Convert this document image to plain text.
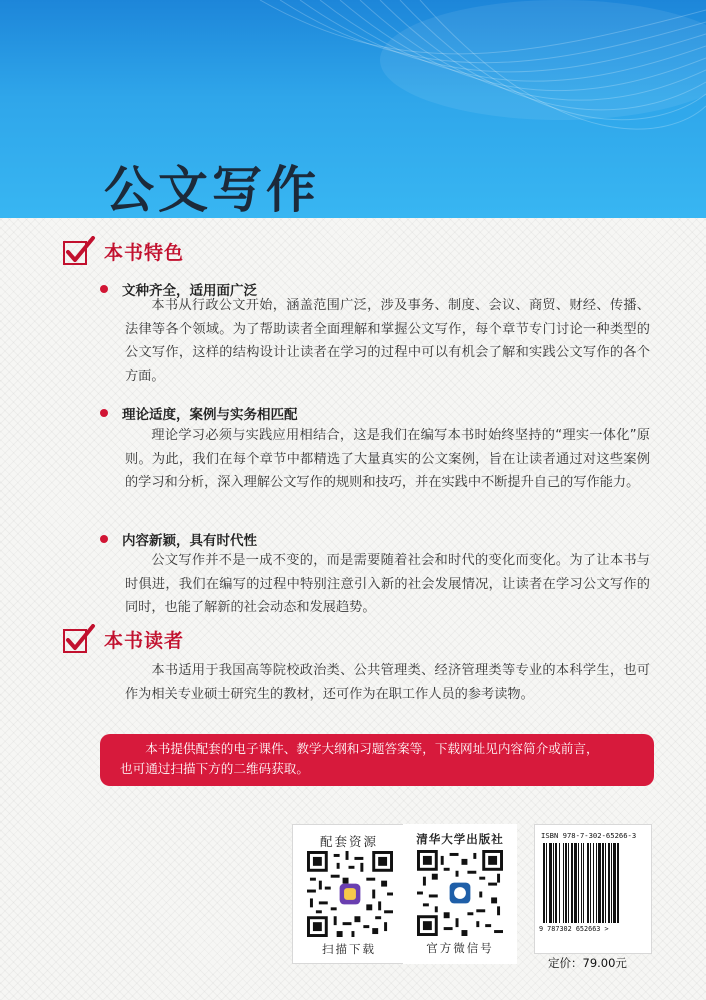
公文写作
本书特色
文种齐全，适用面广泛

本书从行政公文开始，涵盖范围广泛，涉及事务、制度、会议、商贸、财经、传播、法律等各个领域。为了帮助读者全面理解和掌握公文写作，每个章节专门讨论一种类型的公文写作，这样的结构设计让读者在学习的过程中可以有机会了解和实践公文写作的各个方面。

理论适度，案例与实务相匹配

理论学习必须与实践应用相结合，这是我们在编写本书时始终坚持的“理实一体化”原则。为此，我们在每个章节中都精选了大量真实的公文案例，旨在让读者通过对这些案例的学习和分析，深入理解公文写作的规则和技巧，并在实践中不断提升自己的写作能力。

内容新颖，具有时代性

公文写作并不是一成不变的，而是需要随着社会和时代的变化而变化。为了让本书与时俱进，我们在编写的过程中特别注意引入新的社会发展情况，让读者在学习公文写作的同时，也能了解新的社会动态和发展趋势。

本书读者

本书适用于我国高等院校政治类、公共管理类、经济管理类等专业的本科学生，也可作为相关专业硕士研究生的教材，还可作为在职工作人员的参考读物。

本书提供配套的电子课件、教学大纲和习题答案等，下载网址见内容简介或前言，
也可通过扫描下方的二维码获取。
配套资源
扫描下载
清华大学出版社
官方微信号
ISBN 978-7-302-65266-3
9 787302 652663 >
定价：79.00元
